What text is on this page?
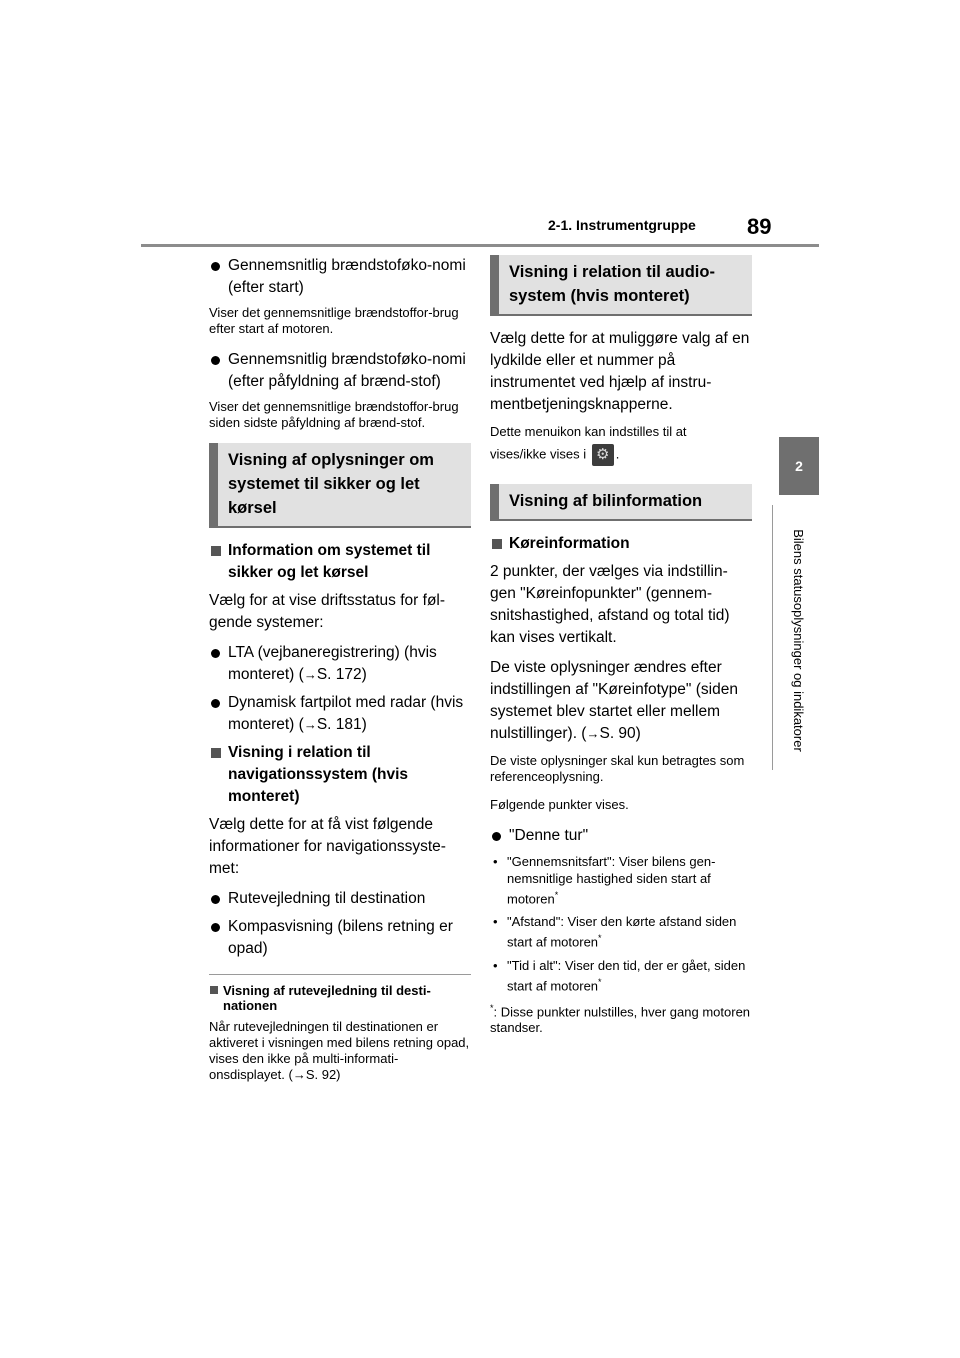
2-1. Instrumentgruppe 89
2
Bilens statusoplysninger og indikatorer
Gennemsnitlig brændstoføko-nomi (efter start)
Viser det gennemsnitlige brændstoffor-brug efter start af motoren.
Gennemsnitlig brændstoføko-nomi (efter påfyldning af brænd-stof)
Viser det gennemsnitlige brændstoffor-brug siden sidste påfyldning af brænd-stof.
Visning af oplysninger om systemet til sikker og let kørsel
Information om systemet til sikker og let kørsel
Vælg for at vise driftsstatus for føl-gende systemer:
LTA (vejbaneregistrering) (hvis monteret) (→S. 172)
Dynamisk fartpilot med radar (hvis monteret) (→S. 181)
Visning i relation til navigationssystem (hvis monteret)
Vælg dette for at få vist følgende informationer for navigationssyste-met:
Rutevejledning til destination
Kompasvisning (bilens retning er opad)
Visning af rutevejledning til desti-nationen
Når rutevejledningen til destinationen er aktiveret i visningen med bilens retning opad, vises den ikke på multi-informati-onsdisplayet. (→S. 92)
Visning i relation til audio-system (hvis monteret)
Vælg dette for at muliggøre valg af en lydkilde eller et nummer på instrumentet ved hjælp af instru-mentbetjeningsknapperne.
Dette menuikon kan indstilles til at
vises/ikke vises i ⚙ .
Visning af bilinformation
Køreinformation
2 punkter, der vælges via indstillin-gen "Køreinfopunkter" (gennem-snitshastighed, afstand og total tid) kan vises vertikalt.
De viste oplysninger ændres efter indstillingen af "Køreinfotype" (siden systemet blev startet eller mellem nulstillinger). (→S. 90)
De viste oplysninger skal kun betragtes som referenceoplysning.
Følgende punkter vises.
"Denne tur"
• "Gennemsnitsfart": Viser bilens gen-nemsnitlige hastighed siden start af motoren*
• "Afstand": Viser den kørte afstand siden start af motoren*
• "Tid i alt": Viser den tid, der er gået, siden start af motoren*
*: Disse punkter nulstilles, hver gang motoren standser.
